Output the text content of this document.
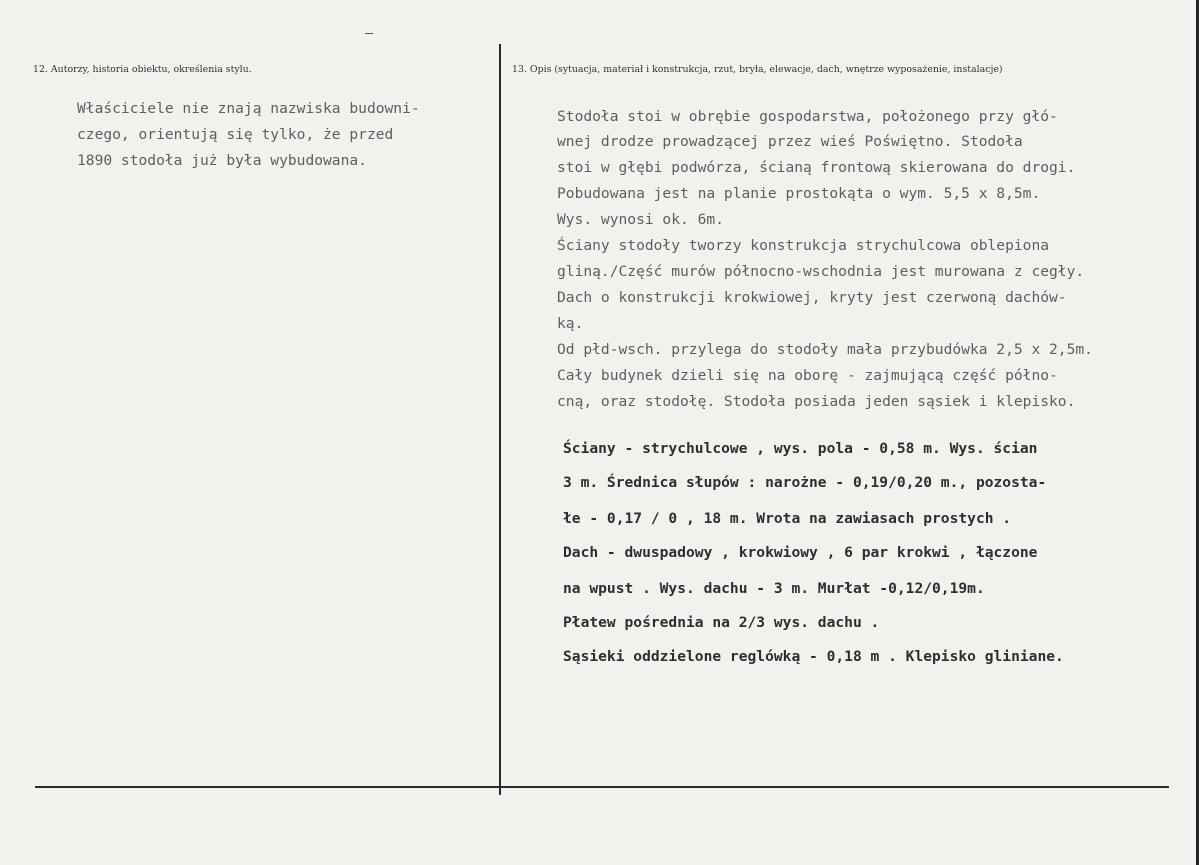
12. Autorzy, historia obiektu, określenia stylu.	13. Opis (sytuacja, materiał i konstrukcja, rzut, bryła, elewacje, dach, wnętrze wyposażenie, instalacje)
Właściciele nie znają nazwiska budowni-
czego, orientują się tylko, że przed
1890 stodoła już była wybudowana.
Stodoła stoi w obrębie gospodarstwa, położonego przy głó-
wnej drodze prowadzącej przez wieś Poświętno. Stodoła
stoi w głębi podwórza, ścianą frontową skierowana do drogi.
Pobudowana jest na planie prostokąta o wym. 5,5 x 8,5m.
Wys. wynosi ok. 6m.
Ściany stodoły tworzy konstrukcja strychulcowa oblepiona
gliną./Część murów północno-wschodnia jest murowana z cegły.
Dach o konstrukcji krokwiowej, kryty jest czerwoną dachów-
ką.
Od płd-wsch. przylega do stodoły mała przybudówka 2,5 x 2,5m.
Cały budynek dzieli się na oborę - zajmującą część półno-
cną, oraz stodołę. Stodoła posiada jeden sąsiek i klepisko.
Ściany - strychulcowe , wys. pola - 0,58 m. Wys. ścian
3 m. Średnica słupów : narożne - 0,19/0,20 m., pozosta-
łe - 0,17 / 0 , 18 m. Wrota na zawiasach prostych .
Dach - dwuspadowy , krokwiowy , 6 par krokwi , łączone
na wpust . Wys. dachu - 3 m. Murłat -0,12/0,19m.
Płatew pośrednia na 2/3 wys. dachu .
Sąsieki oddzielone reglówką - 0,18 m . Klepisko gliniane.
